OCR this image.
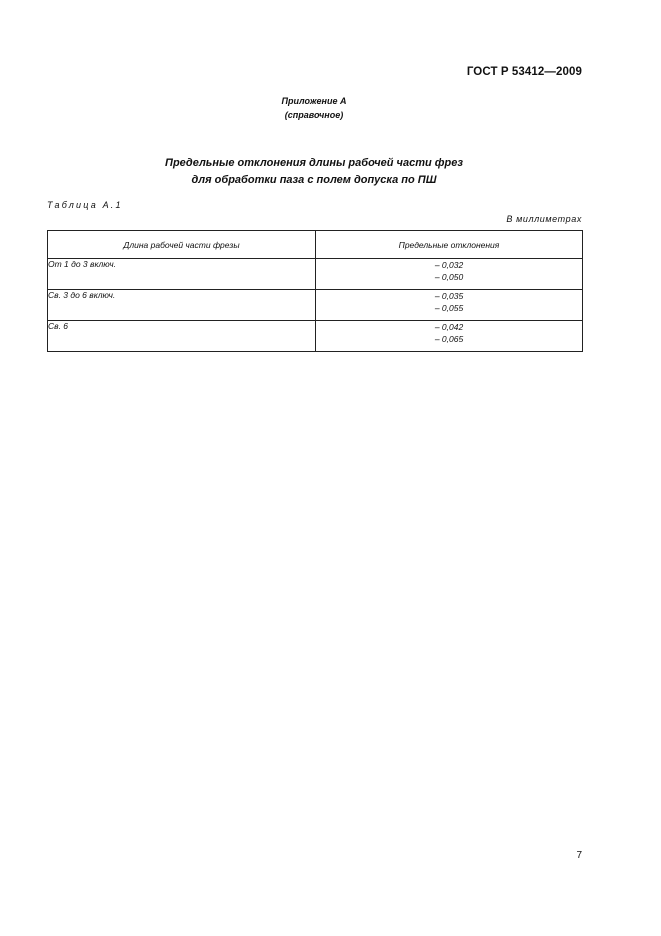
ГОСТ Р 53412—2009
Приложение А
(справочное)
Предельные отклонения длины рабочей части фрез
для обработки паза с полем допуска по ПШ
Таблица А.1
В миллиметрах
Длина рабочей части фрезы	Предельные отклонения
От 1 до 3 включ.	– 0,032
– 0,050

Св. 3 до 6 включ.	– 0,035
– 0,055

Св. 6	– 0,042
– 0,065
7
